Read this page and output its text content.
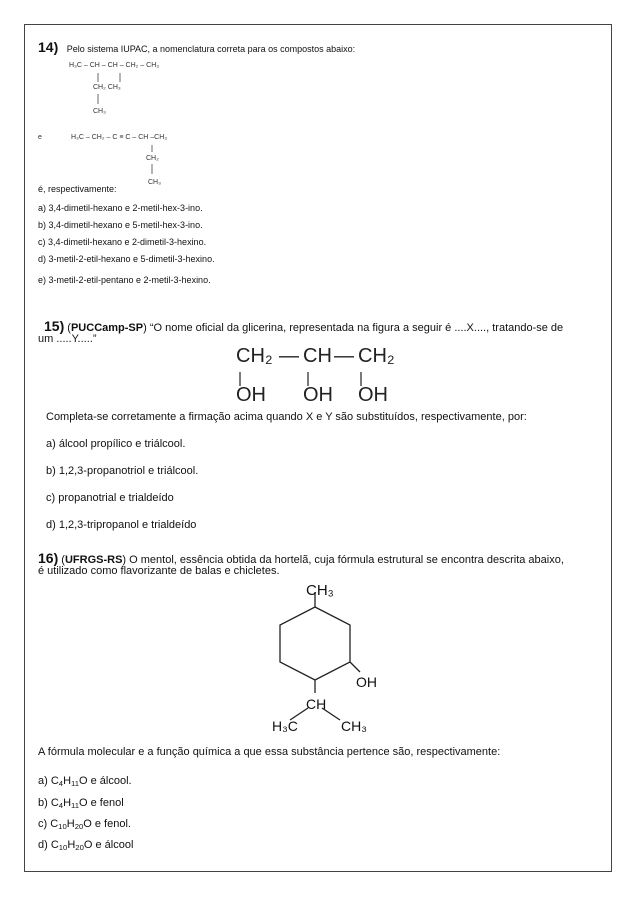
14) Pelo sistema IUPAC, a nomenclatura correta para os compostos abaixo:
H₃C – CH – CH – CH₂ – CH₃
CH₂ CH₃
CH₃
e	H₃C – CH₂ – C ≡ C – CH –CH₃
CH₂
CH₃
é, respectivamente:
a) 3,4-dimetil-hexano e 2-metil-hex-3-ino.
b) 3,4-dimetil-hexano e 5-metil-hex-3-ino.
c) 3,4-dimetil-hexano e 2-dimetil-3-hexino.
d) 3-metil-2-etil-hexano e 5-dimetil-3-hexino.
e) 3-metil-2-etil-pentano e 2-metil-3-hexino.
15) (PUCCamp-SP) “O nome oficial da glicerina, representada na figura a seguir é ....X...., tratando-se de
um .....Y.....”
CH₂ — CH — CH₂
OH OH OH
Completa-se corretamente a firmação acima quando X e Y são substituídos, respectivamente, por:
a) álcool propílico e triálcool.
b) 1,2,3-propanotriol e triálcool.
c) propanotrial e trialdeído
d) 1,2,3-tripropanol e trialdeído
16) (UFRGS-RS) O mentol, essência obtida da hortelã, cuja fórmula estrutural se encontra descrita abaixo,
é utilizado como flavorizante de balas e chicletes.
CH₃
OH
CH
H₃C	CH₃
A fórmula molecular e a função química a que essa substância pertence são, respectivamente:
a) $C_4H_{11}O$ e álcool.
b) $C_4H_{11}O$ e fenol
c) $C_{10}H_{20}O$ e fenol.
d) $C_{10}H_{20}O$ e álcool
